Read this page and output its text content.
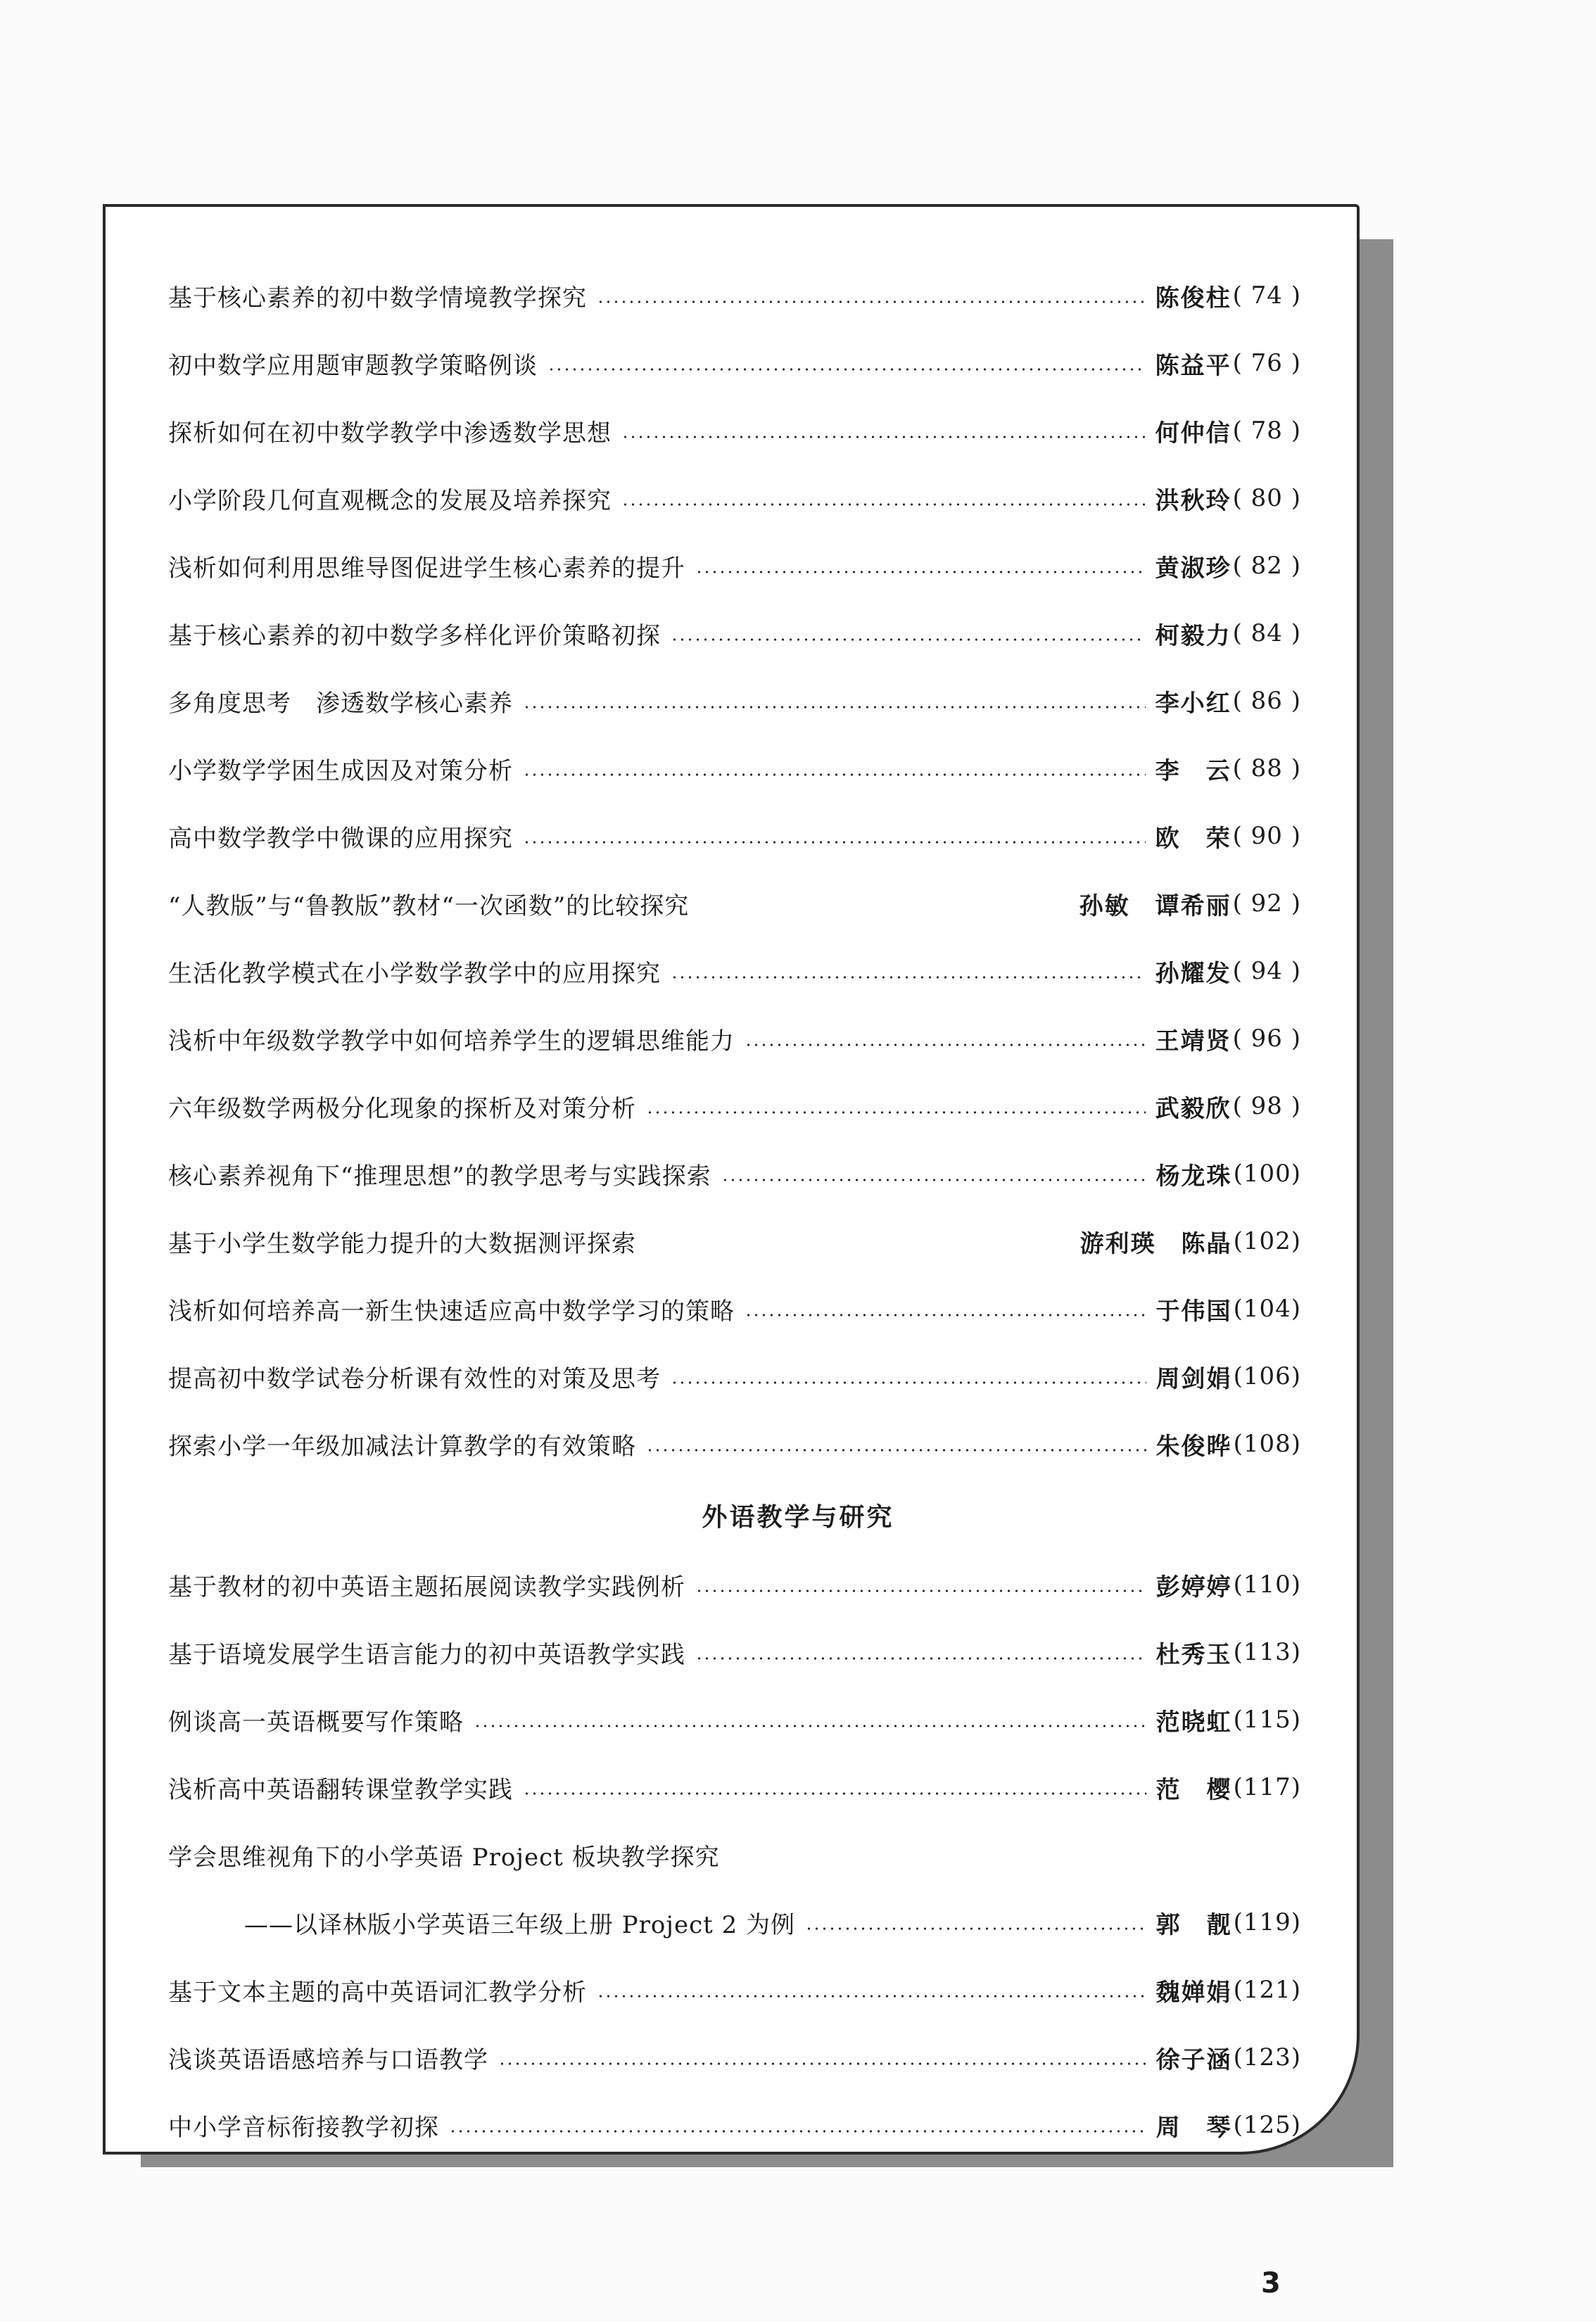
基于核心素养的初中数学情境教学探究	陈俊柱 ( 74 )
初中数学应用题审题教学策略例谈	陈益平 ( 76 )
探析如何在初中数学教学中渗透数学思想	何仲信 ( 78 )
小学阶段几何直观概念的发展及培养探究	洪秋玲 ( 80 )
浅析如何利用思维导图促进学生核心素养的提升	黄淑珍 ( 82 )
基于核心素养的初中数学多样化评价策略初探	柯毅力 ( 84 )
多角度思考　渗透数学核心素养	李小红 ( 86 )
小学数学学困生成因及对策分析	李　云 ( 88 )
高中数学教学中微课的应用探究	欧　荣 ( 90 )
“人教版”与“鲁教版”教材“一次函数”的比较探究	孙敏　谭希丽 ( 92 )
生活化教学模式在小学数学教学中的应用探究	孙耀发 ( 94 )
浅析中年级数学教学中如何培养学生的逻辑思维能力	王靖贤 ( 96 )
六年级数学两极分化现象的探析及对策分析	武毅欣 ( 98 )
核心素养视角下“推理思想”的教学思考与实践探索	杨龙珠 (100)
基于小学生数学能力提升的大数据测评探索	游利瑛　陈晶 (102)
浅析如何培养高一新生快速适应高中数学学习的策略	于伟国 (104)
提高初中数学试卷分析课有效性的对策及思考	周剑娟 (106)
探索小学一年级加减法计算教学的有效策略	朱俊晔 (108)
外语教学与研究
基于教材的初中英语主题拓展阅读教学实践例析	彭婷婷 (110)
基于语境发展学生语言能力的初中英语教学实践	杜秀玉 (113)
例谈高一英语概要写作策略	范晓虹 (115)
浅析高中英语翻转课堂教学实践	范　樱 (117)
学会思维视角下的小学英语 Project 板块教学探究
——以译林版小学英语三年级上册 Project 2 为例	郭　靓 (119)
基于文本主题的高中英语词汇教学分析	魏婵娟 (121)
浅谈英语语感培养与口语教学	徐子涵 (123)
中小学音标衔接教学初探	周　琴 (125)
3
